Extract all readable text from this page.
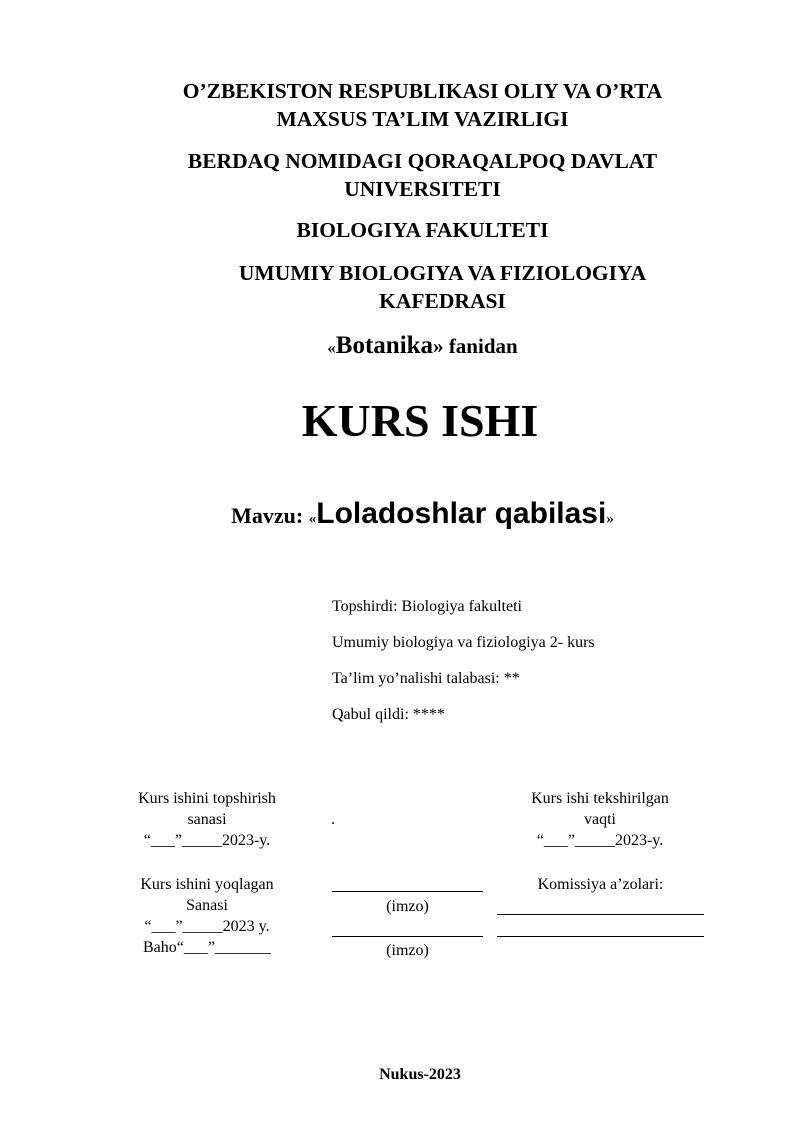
O’ZBEKISTON RESPUBLIKASI OLIY VA O’RTA
MAXSUS TA’LIM VAZIRLIGI
BERDAQ NOMIDAGI QORAQALPOQ DAVLAT
UNIVERSITETI
BIOLOGIYA FAKULTETI
UMUMIY BIOLOGIYA VA FIZIOLOGIYA
KAFEDRASI
«Botanika» fanidan
KURS ISHI
Mavzu: «Loladoshlar qabilasi»
Topshirdi: Biologiya fakulteti
Umumiy biologiya va fiziologiya 2- kurs
Ta’lim yo’nalishi talabasi: **
Qabul qildi: ****
Kurs ishini topshirish
sanasi
“___”_____2023-y.
.
Kurs ishi tekshirilgan
vaqti
“___”_____2023-y.
Kurs ishini yoqlagan
Sanasi
“___”_____2023 y.
Baho“___”_______
(imzo)
(imzo)
Komissiya a’zolari:
Nukus-2023
